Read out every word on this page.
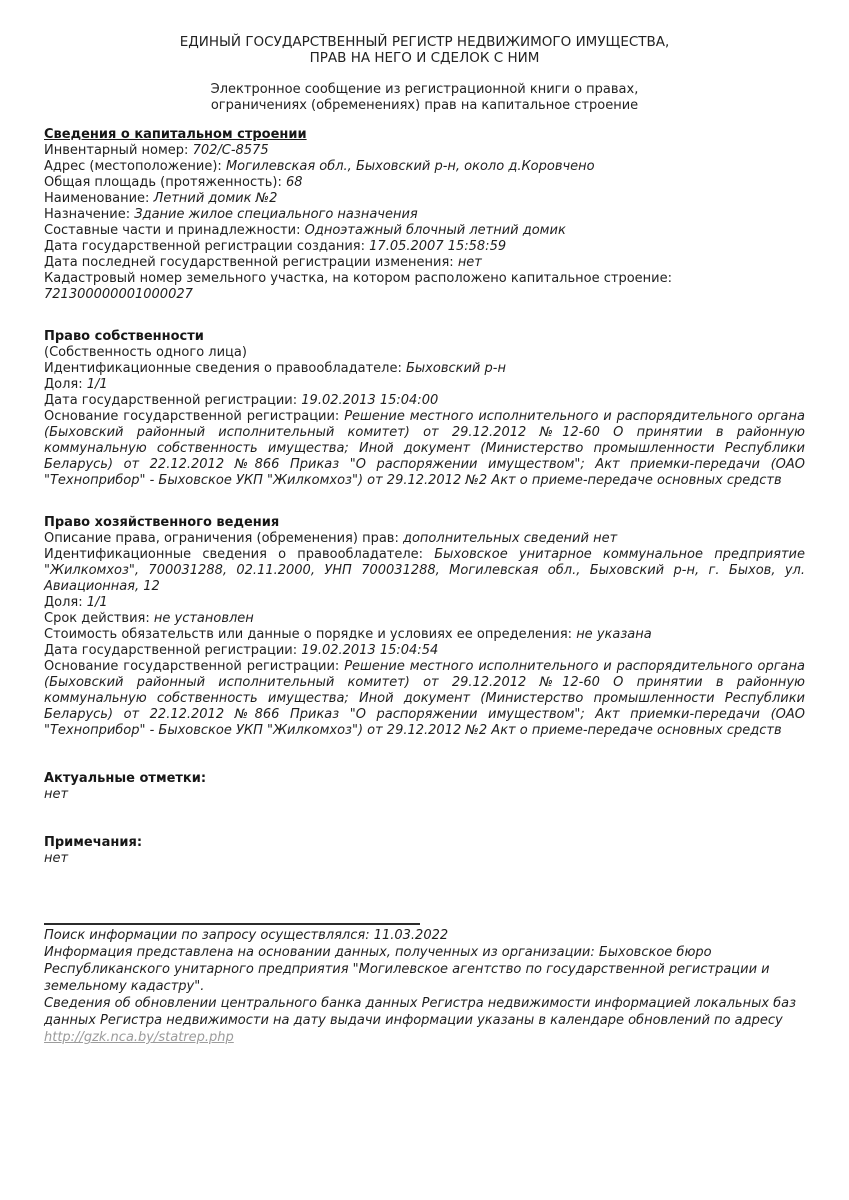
ЕДИНЫЙ ГОСУДАРСТВЕННЫЙ РЕГИСТР НЕДВИЖИМОГО ИМУЩЕСТВА,
ПРАВ НА НЕГО И СДЕЛОК С НИМ
Электронное сообщение из регистрационной книги о правах,
ограничениях (обременениях) прав на капитальное строение
Сведения о капитальном строении

Инвентарный номер: 702/С-8575

Адрес (местоположение): Могилевская обл., Быховский р-н, около д.Коровчено

Общая площадь (протяженность): 68

Наименование: Летний домик №2

Назначение: Здание жилое специального назначения

Составные части и принадлежности: Одноэтажный блочный летний домик

Дата государственной регистрации создания: 17.05.2007 15:58:59

Дата последней государственной регистрации изменения: нет

Кадастровый номер земельного участка, на котором расположено капитальное строение: 721300000001000027

Право собственности
(Собственность одного лица)

Идентификационные сведения о правообладателе: Быховский р-н

Доля: 1/1

Дата государственной регистрации: 19.02.2013 15:04:00

Основание государственной регистрации: Решение местного исполнительного и распорядительного органа (Быховский районный исполнительный комитет) от 29.12.2012 №12-60 О принятии в районную коммунальную собственность имущества; Иной документ (Министерство промышленности Республики Беларусь) от 22.12.2012 №866 Приказ "О распоряжении имуществом"; Акт приемки-передачи (ОАО "Техноприбор" - Быховское УКП "Жилкомхоз") от 29.12.2012 №2 Акт о приеме-передаче основных средств

Право хозяйственного ведения

Описание права, ограничения (обременения) прав: дополнительных сведений нет

Идентификационные сведения о правообладателе: Быховское унитарное коммунальное предприятие "Жилкомхоз", 700031288, 02.11.2000, УНП 700031288, Могилевская обл., Быховский р-н, г. Быхов, ул. Авиационная, 12

Доля: 1/1

Срок действия: не установлен

Стоимость обязательств или данные о порядке и условиях ее определения: не указана

Дата государственной регистрации: 19.02.2013 15:04:54

Основание государственной регистрации: Решение местного исполнительного и распорядительного органа (Быховский районный исполнительный комитет) от 29.12.2012 №12-60 О принятии в районную коммунальную собственность имущества; Иной документ (Министерство промышленности Республики Беларусь) от 22.12.2012 №866 Приказ "О распоряжении имуществом"; Акт приемки-передачи (ОАО "Техноприбор" - Быховское УКП "Жилкомхоз") от 29.12.2012 №2 Акт о приеме-передаче основных средств

Актуальные отметки:

нет

Примечания:

нет

Поиск информации по запросу осуществлялся: 11.03.2022

Информация представлена на основании данных, полученных из организации: Быховское бюро Республиканского унитарного предприятия "Могилевское агентство по государственной регистрации и земельному кадастру".

Сведения об обновлении центрального банка данных Регистра недвижимости информацией локальных баз данных Регистра недвижимости на дату выдачи информации указаны в календаре обновлений по адресу

http://gzk.nca.by/statrep.php
